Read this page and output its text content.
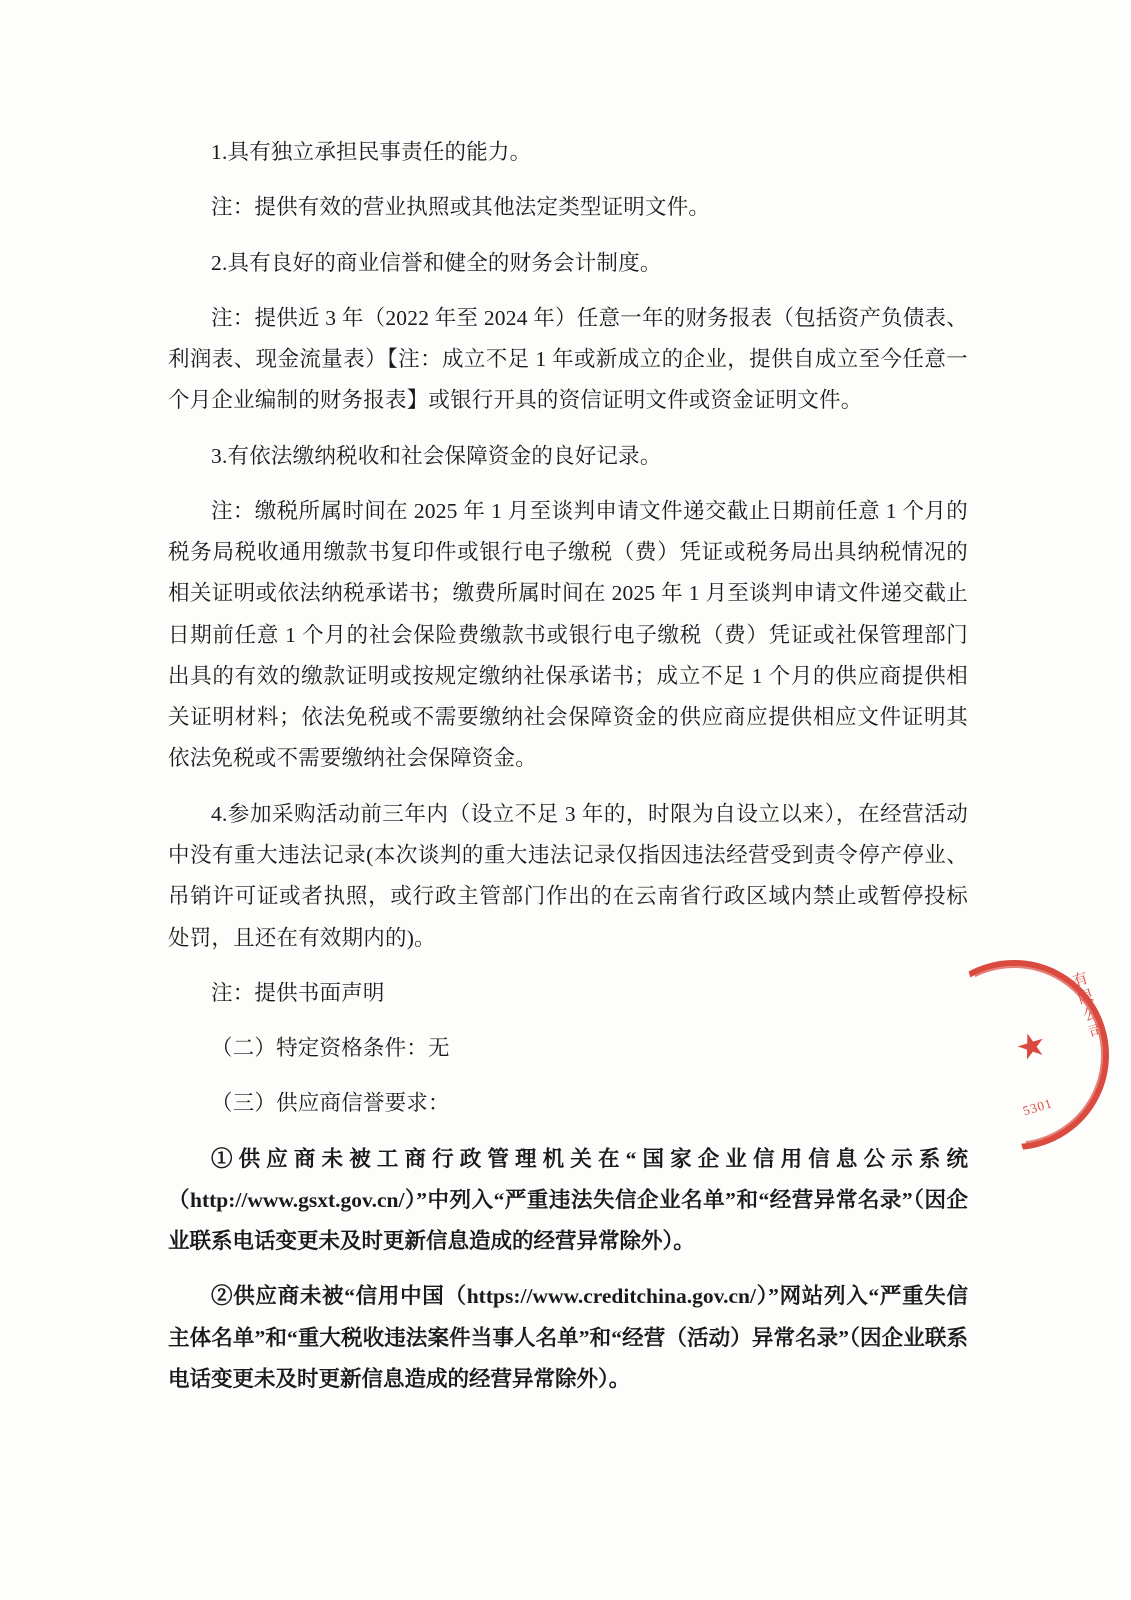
1.具有独立承担民事责任的能力。

注：提供有效的营业执照或其他法定类型证明文件。

2.具有良好的商业信誉和健全的财务会计制度。

注：提供近 3 年（2022 年至 2024 年）任意一年的财务报表（包括资产负债表、利润表、现金流量表）【注：成立不足 1 年或新成立的企业，提供自成立至今任意一个月企业编制的财务报表】或银行开具的资信证明文件或资金证明文件。

3.有依法缴纳税收和社会保障资金的良好记录。

注：缴税所属时间在 2025 年 1 月至谈判申请文件递交截止日期前任意 1 个月的税务局税收通用缴款书复印件或银行电子缴税（费）凭证或税务局出具纳税情况的相关证明或依法纳税承诺书；缴费所属时间在 2025 年 1 月至谈判申请文件递交截止日期前任意 1 个月的社会保险费缴款书或银行电子缴税（费）凭证或社保管理部门出具的有效的缴款证明或按规定缴纳社保承诺书；成立不足 1 个月的供应商提供相关证明材料；依法免税或不需要缴纳社会保障资金的供应商应提供相应文件证明其依法免税或不需要缴纳社会保障资金。

4.参加采购活动前三年内（设立不足 3 年的，时限为自设立以来），在经营活动中没有重大违法记录(本次谈判的重大违法记录仅指因违法经营受到责令停产停业、吊销许可证或者执照，或行政主管部门作出的在云南省行政区域内禁止或暂停投标处罚，且还在有效期内的)。

注：提供书面声明

（二）特定资格条件：无

（三）供应商信誉要求：

①供应商未被工商行政管理机关在“国家企业信用信息公示系统（http://www.gsxt.gov.cn/）”中列入“严重违法失信企业名单”和“经营异常名录”（因企业联系电话变更未及时更新信息造成的经营异常除外）。

②供应商未被“信用中国（https://www.creditchina.gov.cn/）”网站列入“严重失信主体名单”和“重大税收违法案件当事人名单”和“经营（活动）异常名录”（因企业联系电话变更未及时更新信息造成的经营异常除外）。

★
有限公司
5301
